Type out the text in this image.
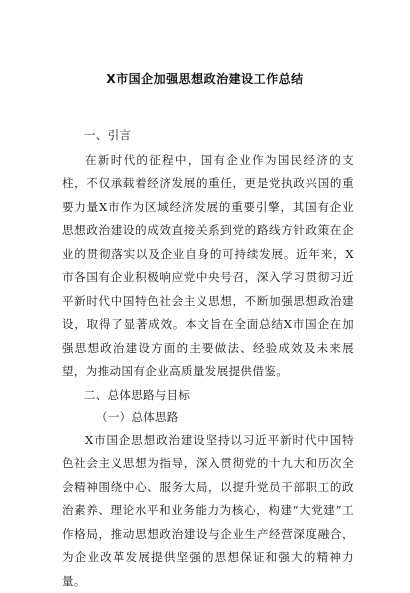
X市国企加强思想政治建设工作总结
一、引言
在新时代的征程中，国有企业作为国民经济的支柱，不仅承载着经济发展的重任，更是党执政兴国的重要力量X市作为区域经济发展的重要引擎，其国有企业思想政治建设的成效直接关系到党的路线方针政策在企业的贯彻落实以及企业自身的可持续发展。近年来，X市各国有企业积极响应党中央号召，深入学习贯彻习近平新时代中国特色社会主义思想，不断加强思想政治建设，取得了显著成效。本文旨在全面总结X市国企在加强思想政治建设方面的主要做法、经验成效及未来展望，为推动国有企业高质量发展提供借鉴。
二、总体思路与目标
（一）总体思路
X市国企思想政治建设坚持以习近平新时代中国特色社会主义思想为指导，深入贯彻党的十九大和历次全会精神围绕中心、服务大局，以提升党员干部职工的政治素养、理论水平和业务能力为核心，构建“大党建”工作格局，推动思想政治建设与企业生产经营深度融合，为企业改革发展提供坚强的思想保证和强大的精神力量。
